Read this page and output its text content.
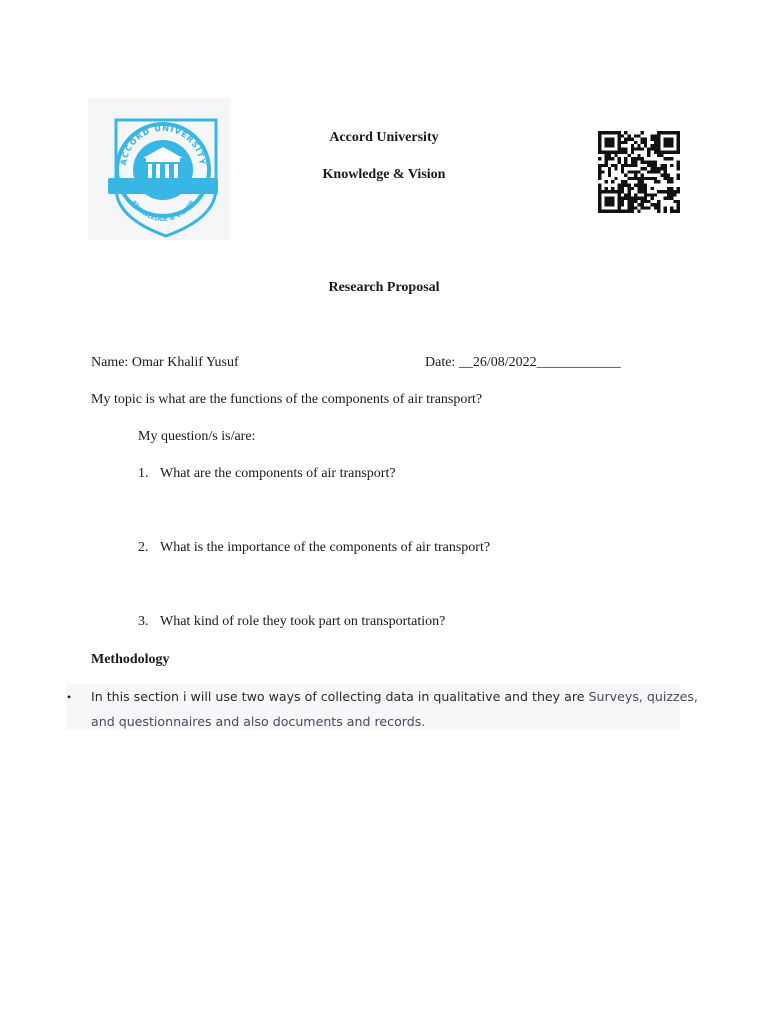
ACCORD UNIVERSITY
KNOWLEDGE & VISION
Accord University
Knowledge & Vision
Research Proposal
Name: Omar Khalif Yusuf	Date: __26/08/2022____________
My topic is what are the functions of the components of air transport?
My question/s is/are:
1. What are the components of air transport?
2. What is the importance of the components of air transport?
3. What kind of role they took part on transportation?
Methodology
• In this section i will use two ways of collecting data in qualitative and they are Surveys, quizzes,
and questionnaires and also documents and records.
